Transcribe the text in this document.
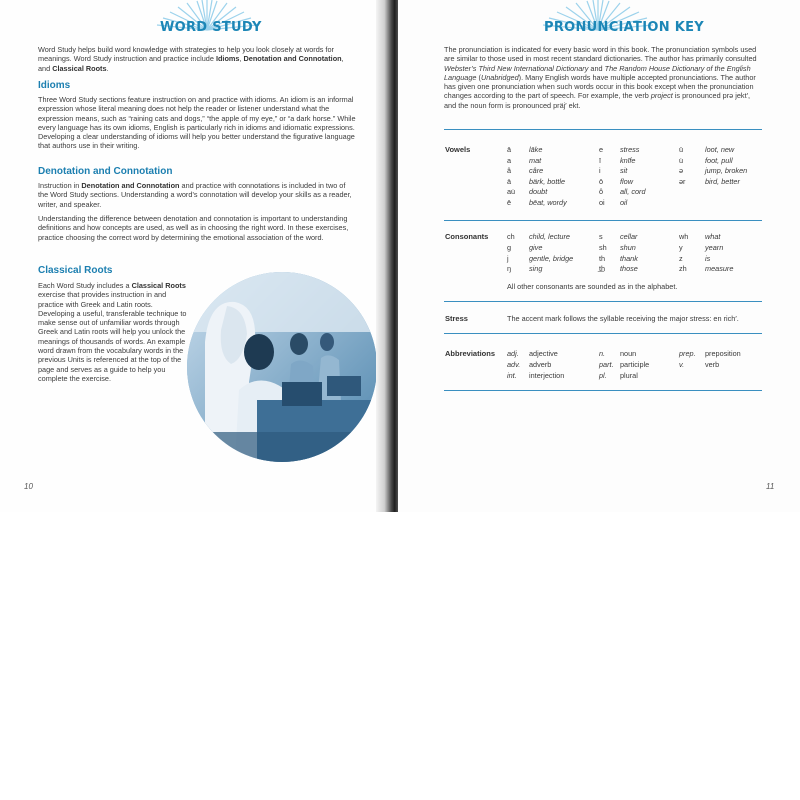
WORD STUDY
Word Study helps build word knowledge with strategies to help you look closely at words for meanings. Word Study instruction and practice include Idioms, Denotation and Connotation, and Classical Roots.
Idioms
Three Word Study sections feature instruction on and practice with idioms. An idiom is an informal expression whose literal meaning does not help the reader or listener understand what the expression means, such as “raining cats and dogs,” “the apple of my eye,” or “a dark horse.” While every language has its own idioms, English is particularly rich in idioms and idiomatic expressions. Developing a clear understanding of idioms will help you better understand the figurative language that authors use in their writing.
Denotation and Connotation
Instruction in Denotation and Connotation and practice with connotations is included in two of the Word Study sections. Understanding a word’s connotation will develop your skills as a reader, writer, and speaker.
Understanding the difference between denotation and connotation is important to understanding definitions and how concepts are used, as well as in choosing the right word. In these exercises, practice choosing the correct word by determining the emotional association of the word.
Classical Roots
Each Word Study includes a Classical Roots exercise that provides instruction in and practice with Greek and Latin roots. Developing a useful, transferable technique to make sense out of unfamiliar words through Greek and Latin roots will help you unlock the meanings of thousands of words. An example word drawn from the vocabulary words in the previous Units is referenced at the top of the page and serves as a guide to help you complete the exercise.
10
PRONUNCIATION KEY
The pronunciation is indicated for every basic word in this book. The pronunciation symbols used are similar to those used in most recent standard dictionaries. The author has primarily consulted Webster’s Third New International Dictionary and The Random House Dictionary of the English Language (Unabridged). Many English words have multiple accepted pronunciations. The author has given one pronunciation when such words occur in this book except when the pronunciation changes according to the part of speech. For example, the verb project is pronounced prə jekt′, and the noun form is pronounced präj′ ekt.
Vowels
Consonants
All other consonants are sounded as in the alphabet.
Stress	The accent mark follows the syllable receiving the major stress: en rich′.
Abbreviations
11
ā lāke	e stress	ü	loot, new
a mat	ī	knīfe	u̇	foot, pull
â câre	i	sit	ə	jump, broken
ä bärk, bottle	ō flow	ər	bird, better
au̇ doubt	ô all, cord
ē bēat, wordy	oi oil
ch child, lecture	s cellar	wh what
g give	sh shun	y	yearn
j	gentle, bridge	th thank	z	is
ŋ sing	t͟h those	zh	measure
adj. adjective	n. noun	prep. preposition
adv. adverb	part. participle	v.	verb
int. interjection	pl. plural
